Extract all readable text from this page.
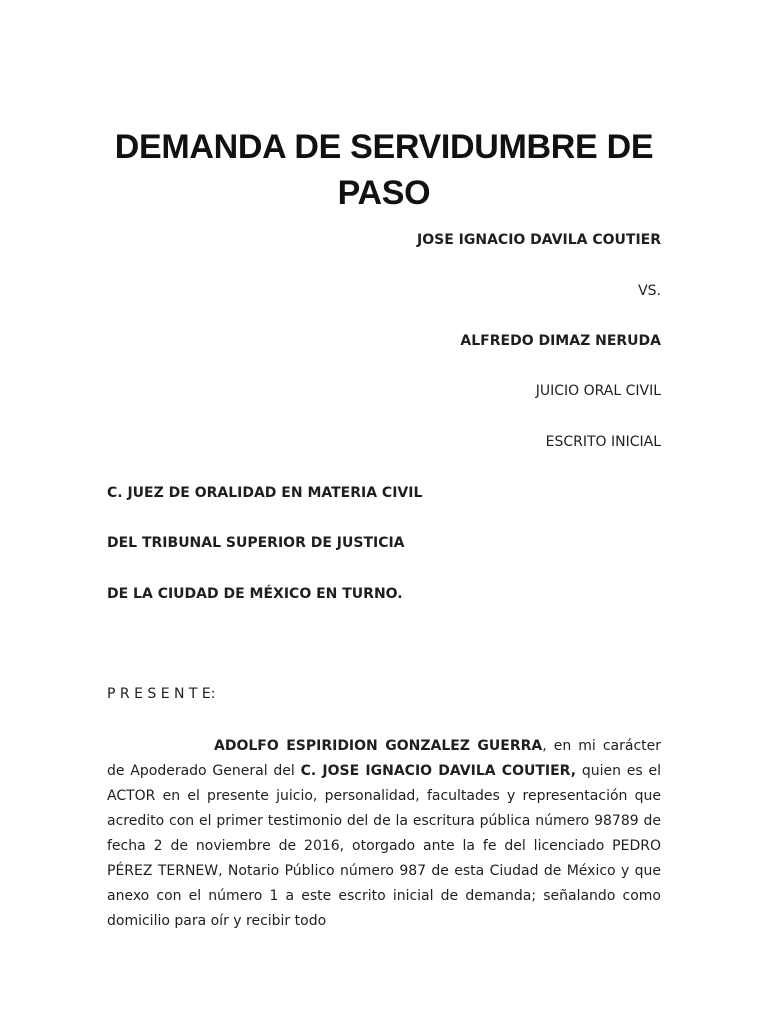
DEMANDA DE SERVIDUMBRE DE PASO
JOSE IGNACIO DAVILA COUTIER
VS.
ALFREDO DIMAZ NERUDA
JUICIO ORAL CIVIL
ESCRITO INICIAL
C. JUEZ DE ORALIDAD EN MATERIA CIVIL
DEL TRIBUNAL SUPERIOR DE JUSTICIA
DE LA CIUDAD DE MÉXICO EN TURNO.
P R E S E N T E:
ADOLFO ESPIRIDION GONZALEZ GUERRA, en mi carácter de Apoderado General del C. JOSE IGNACIO DAVILA COUTIER, quien es el ACTOR en el presente juicio, personalidad, facultades y representación que acredito con el primer testimonio del de la escritura pública número 98789 de fecha 2 de noviembre de 2016, otorgado ante la fe del licenciado PEDRO PÉREZ TERNEW, Notario Público número 987 de esta Ciudad de México y que anexo con el número 1 a este escrito inicial de demanda; señalando como domicilio para oír y recibir todo
